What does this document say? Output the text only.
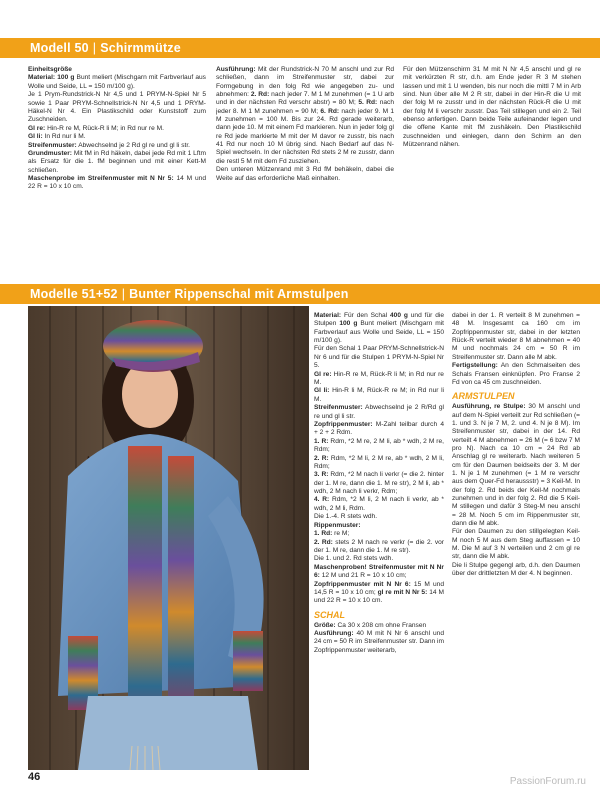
Modell 50 | Schirmmütze

Einheitsgröße

Material: 100 g Bunt meliert (Mischgarn mit Farbverlauf aus Wolle und Seide, LL = 150 m/100 g).

Je 1 Prym-Rundstrick-N Nr 4,5 und 1 PRYM-N-Spiel Nr 5 sowie 1 Paar PRYM-Schnellstrick-N Nr 4,5 und 1 PRYM-Häkel-N Nr 4. Ein Plastikschild oder Kunststoff zum Zuschneiden.

Gl re: Hin-R re M, Rück-R li M; in Rd nur re M.

Gl li: In Rd nur li M.

Streifenmuster: Abwechselnd je 2 Rd gl re und gl li str.

Grundmuster: Mit fM in Rd häkeln, dabei jede Rd mit 1 Lftm als Ersatz für die 1. fM beginnen und mit einer Kett-M schließen.

Maschenprobe im Streifenmuster mit N Nr 5: 14 M und 22 R = 10 x 10 cm.

Ausführung: Mit der Rundstrick-N 70 M anschl und zur Rd schließen, dann im Streifenmuster str, dabei zur Formgebung in den folg Rd wie angegeben zu- und abnehmen: 2. Rd: nach jeder 7. M 1 M zunehmen (= 1 U arb und in der nächsten Rd verschr abstr) = 80 M; 5. Rd: nach jeder 8. M 1 M zunehmen = 90 M; 6. Rd: nach jeder 9. M 1 M zunehmen = 100 M. Bis zur 24. Rd gerade weiterarb, dann jede 10. M mit einem Fd markieren. Nun in jeder folg gl re Rd jede markierte M mit der M davor re zusstr, bis nach 41 Rd nur noch 10 M übrig sind. Nach Bedarf auf das N-Spiel wechseln. In der nächsten Rd stets 2 M re zusstr, dann die restl 5 M mit dem Fd zusziehen.

Den unteren Mützenrand mit 3 Rd fM behäkeln, dabei die Weite auf das erforderliche Maß einhalten.

Für den Mützenschirm 31 M mit N Nr 4,5 anschl und gl re mit verkürzten R str, d.h. am Ende jeder R 3 M stehen lassen und mit 1 U wenden, bis nur noch die mittl 7 M in Arb sind. Nun über alle M 2 R str, dabei in der Hin-R die U mit der folg M re zusstr und in der nächsten Rück-R die U mit der folg M li verschr zusstr. Das Teil stillegen und ein 2. Teil ebenso anfertigen. Dann beide Teile aufeinander legen und die offene Kante mit fM zushäkeln. Den Plastikschild zuschneiden und einlegen, dann den Schirm an den Mützenrand nähen.

Modelle 51+52 | Bunter Rippenschal mit Armstulpen

Material: Für den Schal 400 g und für die Stulpen 100 g Bunt meliert (Mischgarn mit Farbverlauf aus Wolle und Seide, LL = 150 m/100 g).

Für den Schal 1 Paar PRYM-Schnellstrick-N Nr 6 und für die Stulpen 1 PRYM-N-Spiel Nr 5.

Gl re: Hin-R re M, Rück-R li M; in Rd nur re M.

Gl li: Hin-R li M, Rück-R re M; in Rd nur li M.

Streifenmuster: Abwechselnd je 2 R/Rd gl re und gl li str.

Zopfrippenmuster: M-Zahl teilbar durch 4 + 2 + 2 Rdm.

1. R: Rdm, *2 M re, 2 M li, ab * wdh, 2 M re, Rdm;

2. R: Rdm, *2 M li, 2 M re, ab * wdh, 2 M li, Rdm;

3. R: Rdm, *2 M nach li verkr (= die 2. hinter der 1. M re, dann die 1. M re str), 2 M li, ab * wdh, 2 M nach li verkr, Rdm;

4. R: Rdm, *2 M li, 2 M nach li verkr, ab * wdh, 2 M li, Rdm.

Die 1.-4. R stets wdh.

Rippenmuster:

1. Rd: re M;

2. Rd: stets 2 M nach re verkr (= die 2. vor der 1. M re, dann die 1. M re str).

Die 1. und 2. Rd stets wdh.

Maschenproben! Streifenmuster mit N Nr 6: 12 M und 21 R = 10 x 10 cm;

Zopfrippenmuster mit N Nr 6: 15 M und 14,5 R = 10 x 10 cm; gl re mit N Nr 5: 14 M und 22 R = 10 x 10 cm.

SCHAL

Größe: Ca 30 x 208 cm ohne Fransen

Ausführung: 40 M mit N Nr 6 anschl und 24 cm = 50 R im Streifenmuster str. Dann im Zopfrippenmuster weiterarb,

dabei in der 1. R verteilt 8 M zunehmen = 48 M. Insgesamt ca 160 cm im Zopfrippenmuster str, dabei in der letzten Rück-R verteilt wieder 8 M abnehmen = 40 M und nochmals 24 cm = 50 R im Streifenmuster str. Dann alle M abk.

Fertigstellung: An den Schmalseiten des Schals Fransen einknüpfen. Pro Franse 2 Fd von ca 45 cm zuschneiden.

ARMSTULPEN

Ausführung, re Stulpe: 30 M anschl und auf dem N-Spiel verteilt zur Rd schließen (= 1. und 3. N je 7 M, 2. und 4. N je 8 M). Im Streifenmuster str, dabei in der 14. Rd verteilt 4 M abnehmen = 26 M (= 6 bzw 7 M pro N). Nach ca 10 cm = 24 Rd ab Anschlag gl re weiterarb. Nach weiteren 5 cm für den Daumen beidseits der 3. M der 1. N je 1 M zunehmen (= 1 M re verschr aus dem Quer-Fd heraussstr) = 3 Keil-M. In der folg 2. Rd beids der Keil-M nochmals zunehmen und in der folg 2. Rd die 5 Keil-M stillegen und dafür 3 Steg-M neu anschl = 28 M. Noch 5 cm im Rippenmuster str, dann die M abk.

Für den Daumen zu den stillgelegten Keil-M noch 5 M aus dem Steg auffassen = 10 M. Die M auf 3 N verteilen und 2 cm gl re str, dann die M abk.

Die li Stulpe gegengl arb, d.h. den Daumen über der drittletzten M der 4. N beginnen.

46	PassionForum.ru
